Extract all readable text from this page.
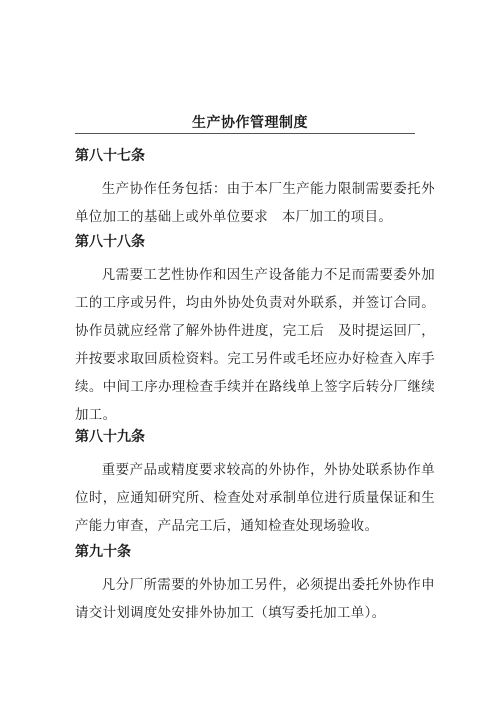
生产协作管理制度

第八十七条

生产协作任务包括：由于本厂生产能力限制需要委托外单位加工的基础上或外单位要求　本厂加工的项目。

第八十八条

凡需要工艺性协作和因生产设备能力不足而需要委外加工的工序或另件，均由外协处负责对外联系，并签订合同。协作员就应经常了解外协件进度，完工后　及时提运回厂，并按要求取回质检资料。完工另件或毛坯应办好检查入库手续。中间工序办理检查手续并在路线单上签字后转分厂继续加工。

第八十九条

重要产品或精度要求较高的外协作，外协处联系协作单位时，应通知研究所、检查处对承制单位进行质量保证和生产能力审查，产品完工后，通知检查处现场验收。

第九十条

凡分厂所需要的外协加工另件，必须提出委托外协作申请交计划调度处安排外协加工（填写委托加工单）。
